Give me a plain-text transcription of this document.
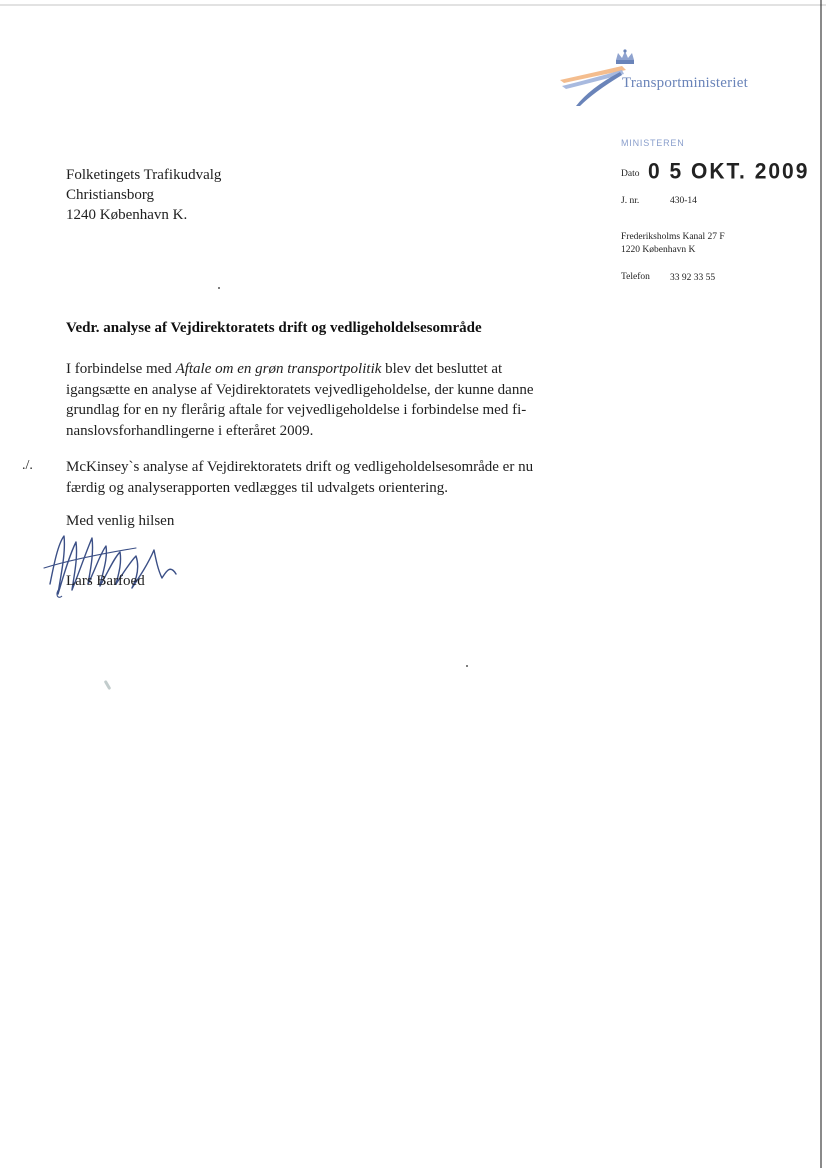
Transportministeriet
MINISTEREN
Dato 0 5 OKT. 2009
J. nr.	430-14
Frederiksholms Kanal 27 F
1220 København K
Telefon 33 92 33 55
Folketingets Trafikudvalg
Christiansborg
1240 København K.
Vedr. analyse af Vejdirektoratets drift og vedligeholdelsesområde
I forbindelse med Aftale om en grøn transportpolitik blev det besluttet at
igangsætte en analyse af Vejdirektoratets vejvedligeholdelse, der kunne danne
grundlag for en ny flerårig aftale for vejvedligeholdelse i forbindelse med fi-
nanslovsforhandlingerne i efteråret 2009.
./. McKinsey`s analyse af Vejdirektoratets drift og vedligeholdelsesområde er nu
færdig og analyserapporten vedlægges til udvalgets orientering.
Med venlig hilsen
Lars Barfoed
